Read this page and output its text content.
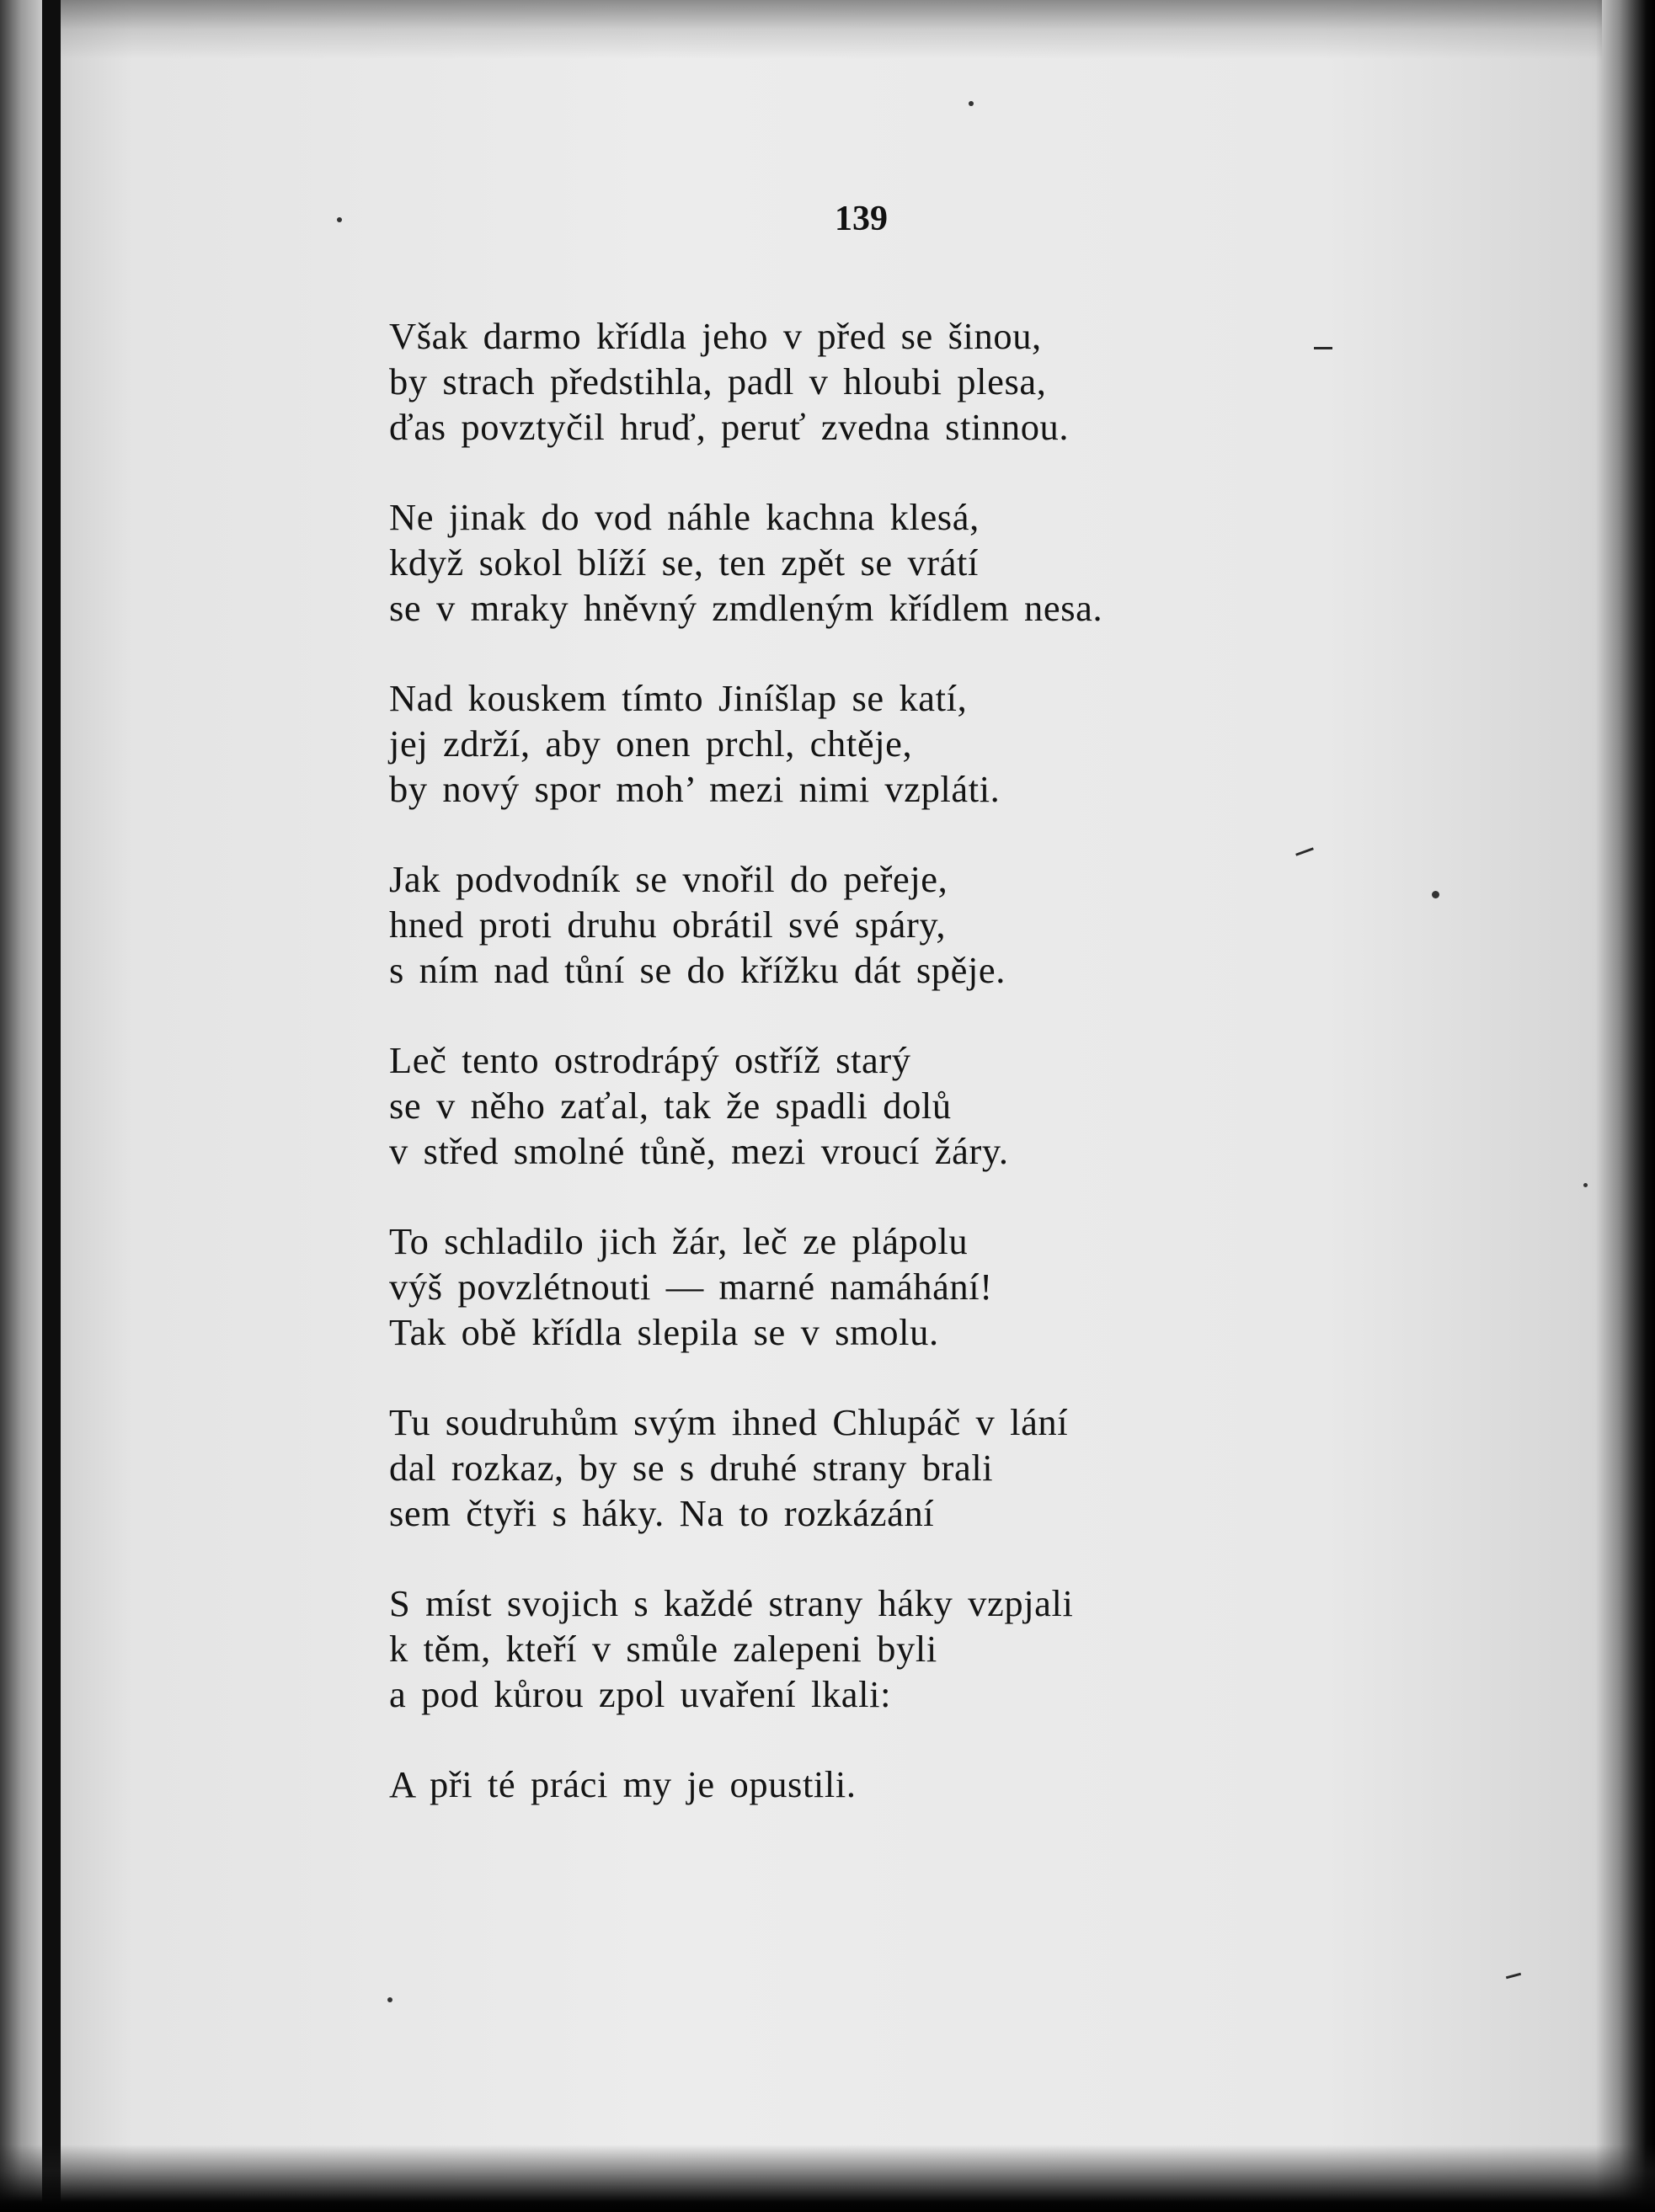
139
Však darmo křídla jeho v před se šinou,
by strach předstihla, padl v hloubi plesa,
ďas povztyčil hruď, peruť zvedna stinnou.
Ne jinak do vod náhle kachna klesá,
když sokol blíží se, ten zpět se vrátí
se v mraky hněvný zmdleným křídlem nesa.
Nad kouskem tímto Jiníšlap se katí,
jej zdrží, aby onen prchl, chtěje,
by nový spor moh’ mezi nimi vzpláti.
Jak podvodník se vnořil do peřeje,
hned proti druhu obrátil své spáry,
s ním nad tůní se do křížku dát spěje.
Leč tento ostrodrápý ostříž starý
se v něho zaťal, tak že spadli dolů
v střed smolné tůně, mezi vroucí žáry.
To schladilo jich žár, leč ze plápolu
výš povzlétnouti — marné namáhání!
Tak obě křídla slepila se v smolu.
Tu soudruhům svým ihned Chlupáč v lání
dal rozkaz, by se s druhé strany brali
sem čtyři s háky. Na to rozkázání
S míst svojich s každé strany háky vzpjali
k těm, kteří v smůle zalepeni byli
a pod kůrou zpol uvaření lkali:
A při té práci my je opustili.
